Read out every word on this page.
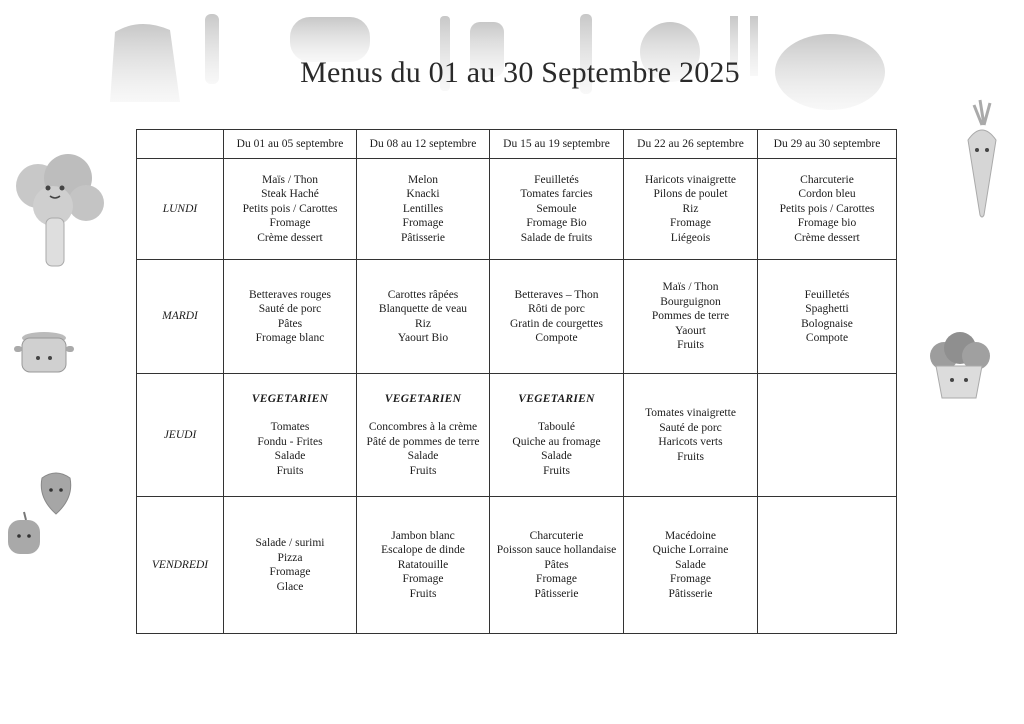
Menus du 01 au 30 Septembre 2025
	Du 01 au 05 septembre	Du 08 au 12 septembre	Du 15 au 19 septembre	Du 22 au 26 septembre	Du 29 au 30 septembre
LUNDI	Maïs / Thon
Steak Haché
Petits pois / Carottes
Fromage
Crème dessert	Melon
Knacki
Lentilles
Fromage
Pâtisserie	Feuilletés
Tomates farcies
Semoule
Fromage Bio
Salade de fruits	Haricots vinaigrette
Pilons de poulet
Riz
Fromage
Liégeois	Charcuterie
Cordon bleu
Petits pois / Carottes
Fromage bio
Crème dessert

MARDI	Betteraves rouges
Sauté de porc
Pâtes
Fromage blanc	Carottes râpées
Blanquette de veau
Riz
Yaourt Bio	Betteraves – Thon
Rôti de porc
Gratin de courgettes
Compote	Maïs / Thon
Bourguignon
Pommes de terre
Yaourt
Fruits	Feuilletés
Spaghetti
Bolognaise
Compote

JEUDI	VEGETARIEN
Tomates
Fondu - Frites
Salade
Fruits	VEGETARIEN
Concombres à la crème
Pâté de pommes de terre
Salade
Fruits	VEGETARIEN
Taboulé
Quiche au fromage
Salade
Fruits	Tomates vinaigrette
Sauté de porc
Haricots verts
Fruits	

VENDREDI	Salade / surimi
Pizza
Fromage
Glace	Jambon blanc
Escalope de dinde
Ratatouille
Fromage
Fruits	Charcuterie
Poisson sauce hollandaise
Pâtes
Fromage
Pâtisserie	Macédoine
Quiche Lorraine
Salade
Fromage
Pâtisserie	
